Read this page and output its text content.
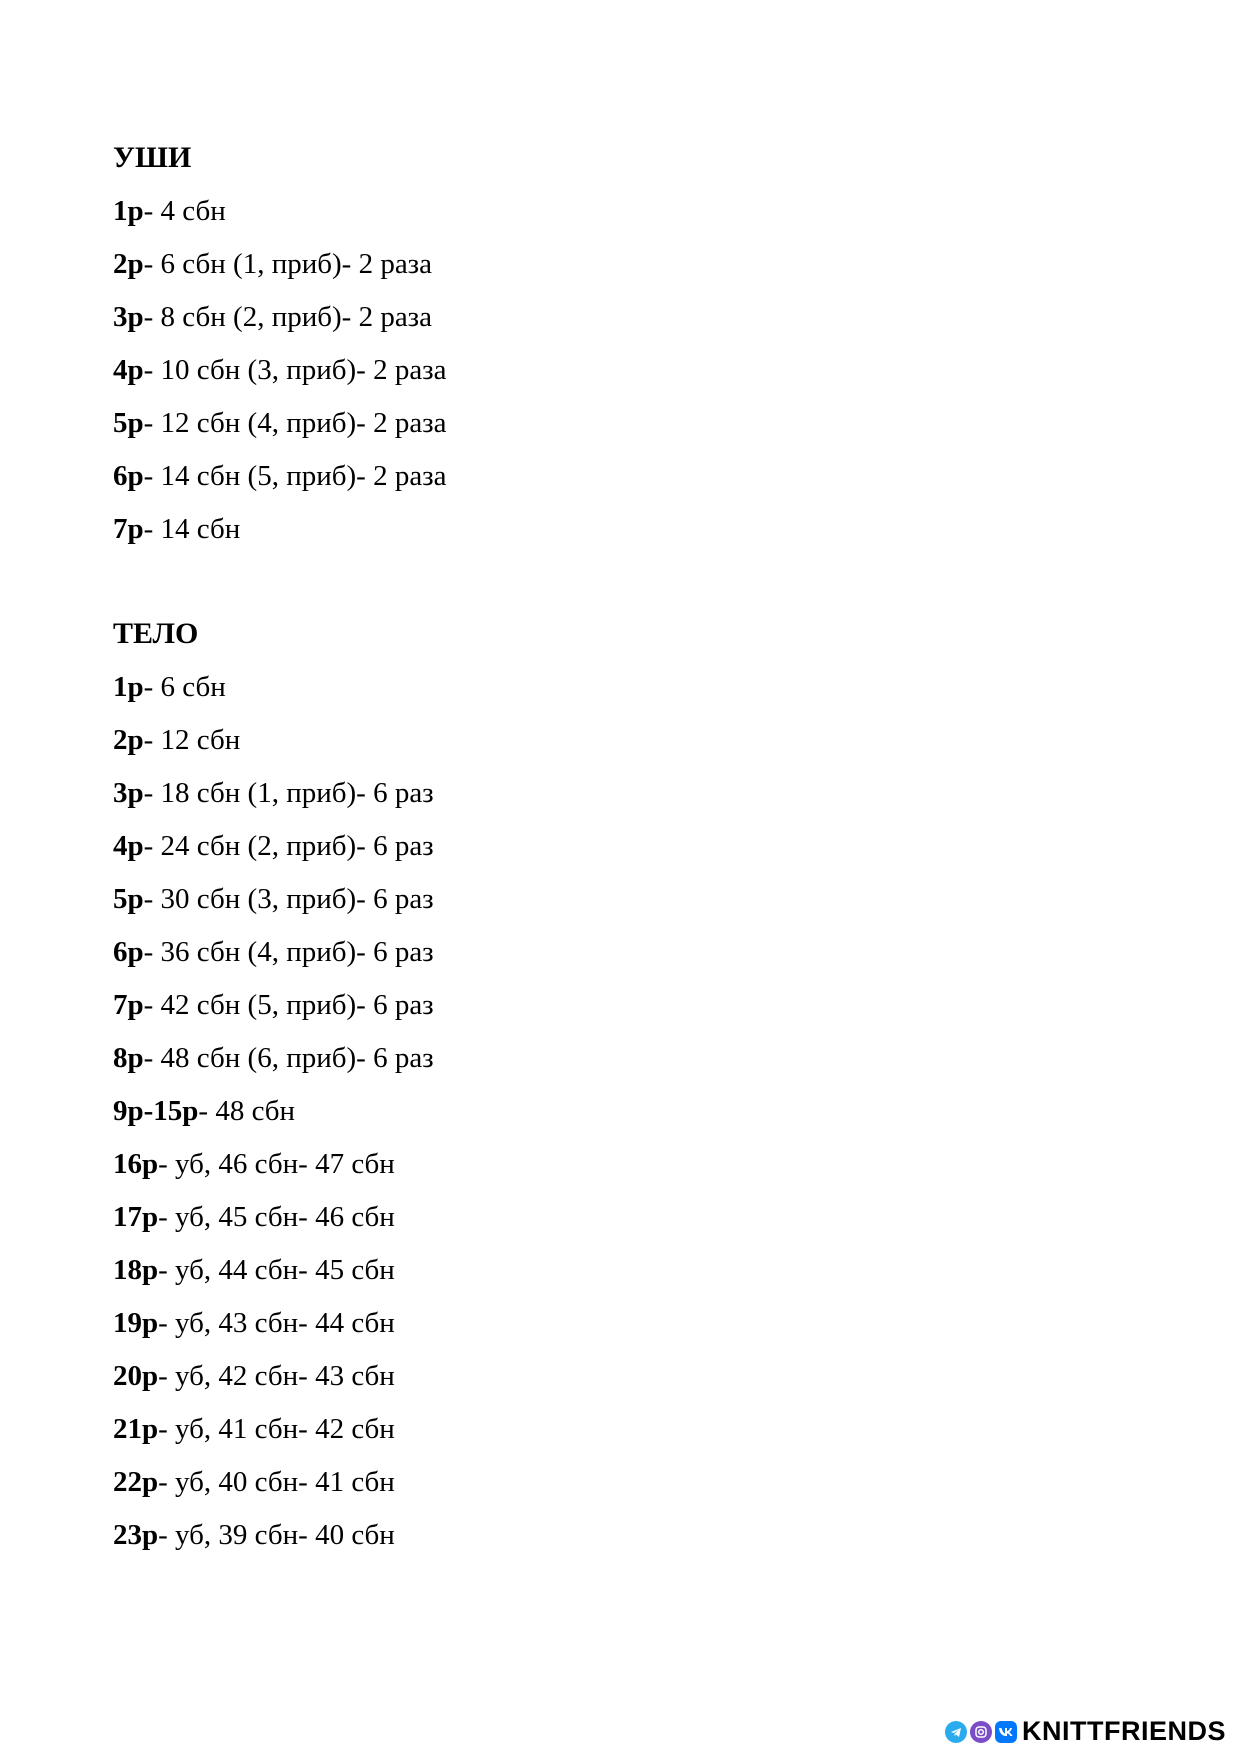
УШИ
1р- 4 сбн
2р- 6 сбн (1, приб)- 2 раза
3р- 8 сбн (2, приб)- 2 раза
4р- 10 сбн (3, приб)- 2 раза
5р- 12 сбн (4, приб)- 2 раза
6р- 14 сбн (5, приб)- 2 раза
7р- 14 сбн
ТЕЛО
1р- 6 сбн
2р- 12 сбн
3р- 18 сбн (1, приб)- 6 раз
4р- 24 сбн (2, приб)- 6 раз
5р- 30 сбн (3, приб)- 6 раз
6р- 36 сбн (4, приб)- 6 раз
7р- 42 сбн (5, приб)- 6 раз
8р- 48 сбн (6, приб)- 6 раз
9р-15р- 48 сбн
16р- уб, 46 сбн- 47 сбн
17р- уб, 45 сбн- 46 сбн
18р- уб, 44 сбн- 45 сбн
19р- уб, 43 сбн- 44 сбн
20р- уб, 42 сбн- 43 сбн
21р- уб, 41 сбн- 42 сбн
22р- уб, 40 сбн- 41 сбн
23р- уб, 39 сбн- 40 сбн
KNITTFRIENDS
